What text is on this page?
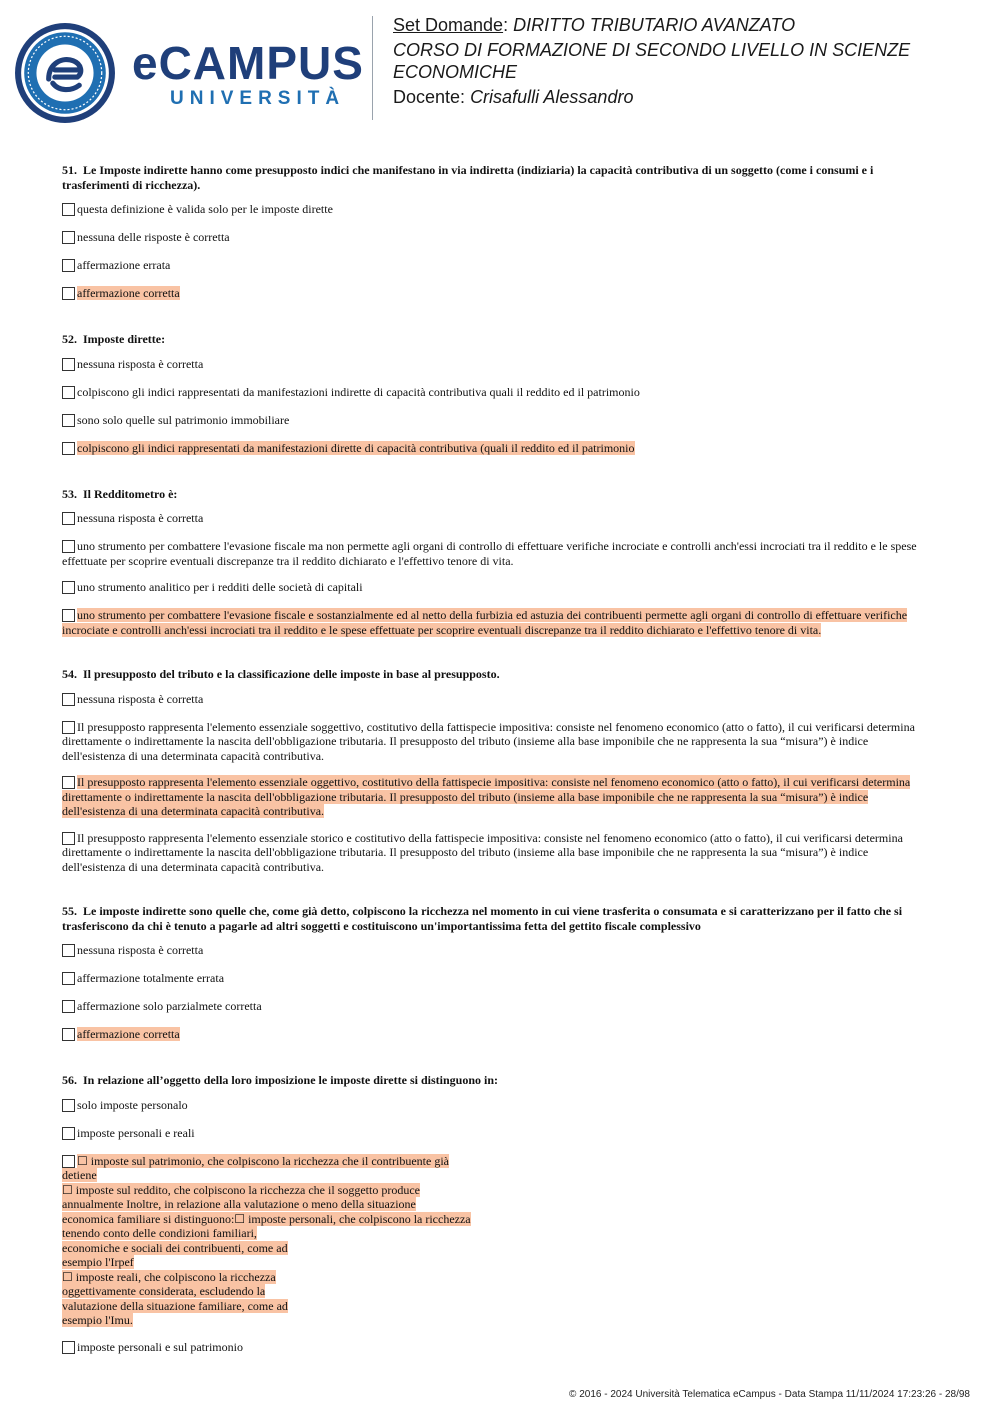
eCAMPUS
UNIVERSITÀ
Set Domande: DIRITTO TRIBUTARIO AVANZATO
CORSO DI FORMAZIONE DI SECONDO LIVELLO IN SCIENZE ECONOMICHE
Docente: Crisafulli Alessandro
51. Le Imposte indirette hanno come presupposto indici che manifestano in via indiretta (indiziaria) la capacità contributiva di un soggetto (come i consumi e i trasferimenti di ricchezza).
questa definizione è valida solo per le imposte dirette
nessuna delle risposte è corretta
affermazione errata
affermazione corretta
52. Imposte dirette:
nessuna risposta è corretta
colpiscono gli indici rappresentati da manifestazioni indirette di capacità contributiva quali il reddito ed il patrimonio
sono solo quelle sul patrimonio immobiliare
colpiscono gli indici rappresentati da manifestazioni dirette di capacità contributiva (quali il reddito ed il patrimonio
53. Il Redditometro è:
nessuna risposta è corretta
uno strumento per combattere l'evasione fiscale ma non permette agli organi di controllo di effettuare verifiche incrociate e controlli anch'essi incrociati tra il reddito e le spese effettuate per scoprire eventuali discrepanze tra il reddito dichiarato e l'effettivo tenore di vita.
uno strumento analitico per i redditi delle società di capitali
uno strumento per combattere l'evasione fiscale e sostanzialmente ed al netto della furbizia ed astuzia dei contribuenti permette agli organi di controllo di effettuare verifiche incrociate e controlli anch'essi incrociati tra il reddito e le spese effettuate per scoprire eventuali discrepanze tra il reddito dichiarato e l'effettivo tenore di vita.
54. Il presupposto del tributo e la classificazione delle imposte in base al presupposto.
nessuna risposta è corretta
Il presupposto rappresenta l'elemento essenziale soggettivo, costitutivo della fattispecie impositiva: consiste nel fenomeno economico (atto o fatto), il cui verificarsi determina direttamente o indirettamente la nascita dell'obbligazione tributaria. Il presupposto del tributo (insieme alla base imponibile che ne rappresenta la sua “misura”) è indice dell'esistenza di una determinata capacità contributiva.
Il presupposto rappresenta l'elemento essenziale oggettivo, costitutivo della fattispecie impositiva: consiste nel fenomeno economico (atto o fatto), il cui verificarsi determina direttamente o indirettamente la nascita dell'obbligazione tributaria. Il presupposto del tributo (insieme alla base imponibile che ne rappresenta la sua “misura”) è indice dell'esistenza di una determinata capacità contributiva.
Il presupposto rappresenta l'elemento essenziale storico e costitutivo della fattispecie impositiva: consiste nel fenomeno economico (atto o fatto), il cui verificarsi determina direttamente o indirettamente la nascita dell'obbligazione tributaria. Il presupposto del tributo (insieme alla base imponibile che ne rappresenta la sua “misura”) è indice dell'esistenza di una determinata capacità contributiva.
55. Le imposte indirette sono quelle che, come già detto, colpiscono la ricchezza nel momento in cui viene trasferita o consumata e si caratterizzano per il fatto che si trasferiscono da chi è tenuto a pagarle ad altri soggetti e costituiscono un'importantissima fetta del gettito fiscale complessivo
nessuna risposta è corretta
affermazione totalmente errata
affermazione solo parzialmete corretta
affermazione corretta
56. In relazione all’oggetto della loro imposizione le imposte dirette si distinguono in:
solo imposte personalo
imposte personali e reali
☐ imposte sul patrimonio, che colpiscono la ricchezza che il contribuente già
detiene
☐ imposte sul reddito, che colpiscono la ricchezza che il soggetto produce
annualmente Inoltre, in relazione alla valutazione o meno della situazione
economica familiare si distinguono:☐ imposte personali, che colpiscono la ricchezza
tenendo conto delle condizioni familiari,
economiche e sociali dei contribuenti, come ad
esempio l'Irpef
☐ imposte reali, che colpiscono la ricchezza
oggettivamente considerata, escludendo la
valutazione della situazione familiare, come ad
esempio l'Imu.

imposte personali e sul patrimonio
© 2016 - 2024 Università Telematica eCampus - Data Stampa 11/11/2024 17:23:26 - 28/98
